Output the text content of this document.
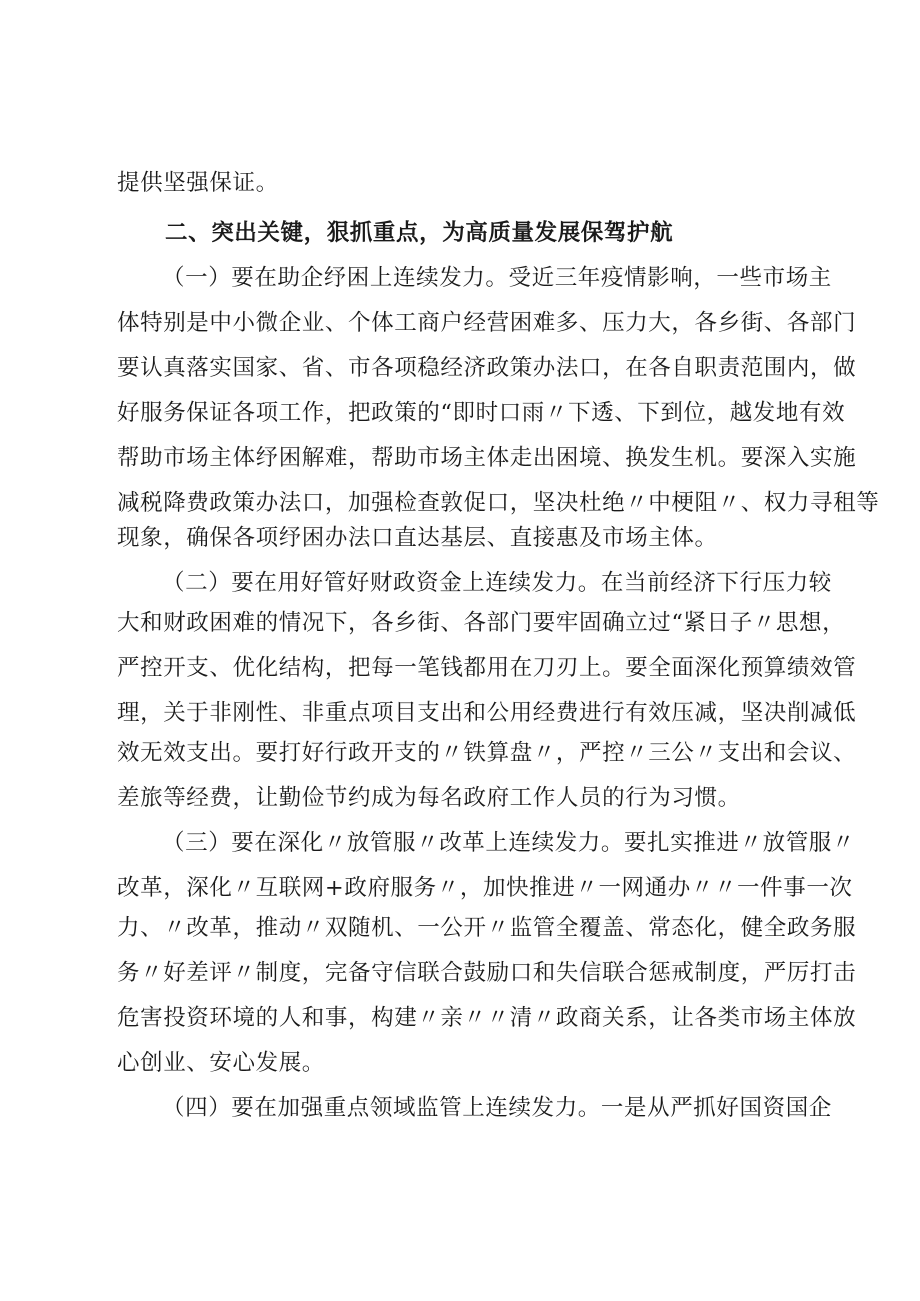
提供坚强保证。
二、突出关键，狠抓重点，为高质量发展保驾护航
（一）要在助企纾困上连续发力。受近三年疫情影响，一些市场主
体特别是中小微企业、个体工商户经营困难多、压力大，各乡街、各部门
要认真落实国家、省、市各项稳经济政策办法口，在各自职责范围内，做
好服务保证各项工作，把政策的“即时口雨〃下透、下到位，越发地有效
帮助市场主体纾困解难，帮助市场主体走出困境、换发生机。要深入实施
减税降费政策办法口，加强检查敦促口，坚决杜绝〃中梗阻〃、权力寻租等
现象，确保各项纾困办法口直达基层、直接惠及市场主体。
（二）要在用好管好财政资金上连续发力。在当前经济下行压力较
大和财政困难的情况下，各乡街、各部门要牢固确立过“紧日子〃思想，
严控开支、优化结构，把每一笔钱都用在刀刃上。要全面深化预算绩效管
理，关于非刚性、非重点项目支出和公用经费进行有效压减，坚决削减低
效无效支出。要打好行政开支的〃铁算盘〃，严控〃三公〃支出和会议、
差旅等经费，让勤俭节约成为每名政府工作人员的行为习惯。
（三）要在深化〃放管服〃改革上连续发力。要扎实推进〃放管服〃
改革，深化〃互联网+政府服务〃，加快推进〃一网通办〃〃一件事一次
力、〃改革，推动〃双随机、一公开〃监管全覆盖、常态化，健全政务服
务〃好差评〃制度，完备守信联合鼓励口和失信联合惩戒制度，严厉打击
危害投资环境的人和事，构建〃亲〃〃清〃政商关系，让各类市场主体放
心创业、安心发展。
（四）要在加强重点领域监管上连续发力。一是从严抓好国资国企
